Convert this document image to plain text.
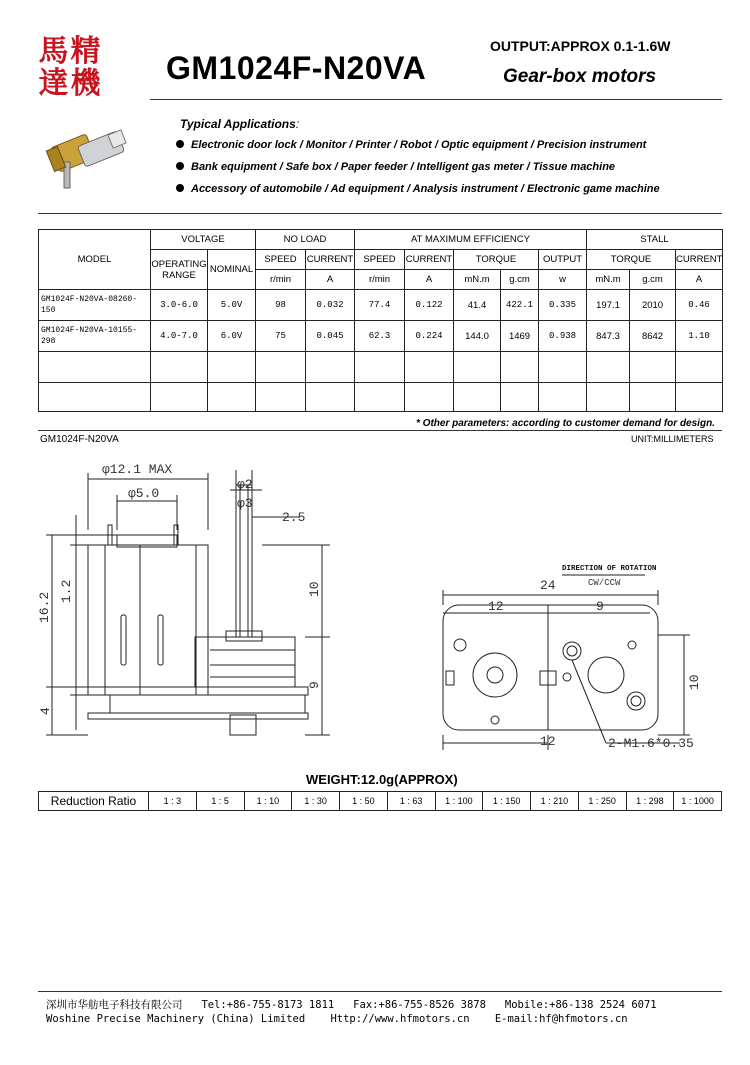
馬 精
達 機 GM1024F-N20VA
OUTPUT:APPROX 0.1-1.6W
Gear-box motors
Typical Applications:
Electronic door lock / Monitor / Printer / Robot / Optic equipment / Precision instrument
Bank equipment / Safe box / Paper feeder / Intelligent gas meter / Tissue machine
Accessory of automobile / Ad equipment / Analysis instrument / Electronic game machine
MODEL	VOLTAGE		NO LOAD		AT MAXIMUM EFFICIENCY					STALL		
	OPERATING RANGE	NOMINAL	SPEED	CURRENT	SPEED	CURRENT	TORQUE		OUTPUT	TORQUE		CURRENT
			r/min	A	r/min	A	mN.m	g.cm	w	mN.m	g.cm	A
GM1024F-N20VA-08260-150	3.0-6.0	5.0V	98	0.032	77.4	0.122	41.4	422.1	0.335	197.1	2010	0.46
GM1024F-N20VA-10155-298	4.0-7.0	6.0V	75	0.045	62.3	0.224	144.0	1469	0.938	847.3	8642	1.10

* Other parameters: according to customer demand for design.
GM1024F-N20VA	UNIT:MILLIMETERS
φ12.1 MAX
φ5.0
φ2
φ3
2.5
16.2
1.2
4
10
9
24
12	9
10
12	2-M1.6*0.35
DIRECTION OF ROTATION
CW/CCW
WEIGHT:12.0g(APPROX)
Reduction Ratio	1 : 3	1 : 5	1 : 10	1 : 30	1 : 50	1 : 63	1 : 100	1 : 150	1 : 210	1 : 250	1 : 298	1 : 1000
深圳市华舫电子科技有限公司   Tel:+86-755-8173 1811   Fax:+86-755-8526 3878   Mobile:+86-138 2524 6071
Woshine Precise Machinery (China) Limited    Http://www.hfmotors.cn    E-mail:hf@hfmotors.cn
